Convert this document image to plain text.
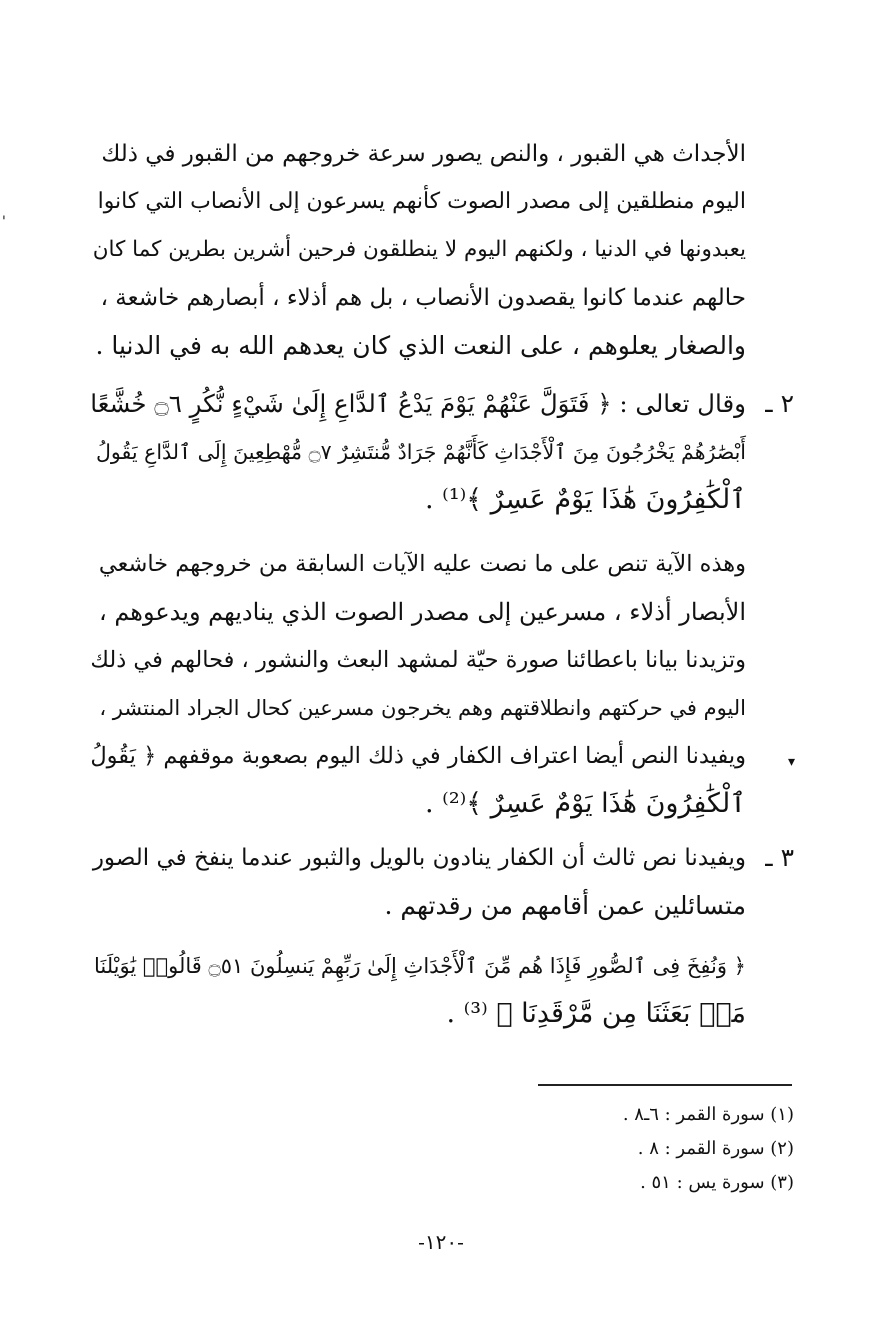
الأجداث هي القبور ، والنص يصور سرعة خروجهم من القبور في ذلك
اليوم منطلقين إلى مصدر الصوت كأنهم يسرعون إلى الأنصاب التي كانوا
يعبدونها في الدنيا ، ولكنهم اليوم لا ينطلقون فرحين أشرين بطرين كما كان
حالهم عندما كانوا يقصدون الأنصاب ، بل هم أذلاء ، أبصارهم خاشعة ،
والصغار يعلوهم ، على النعت الذي كان يعدهم الله به في الدنيا .
٢ ـ
وقال تعالى : ﴿ فَتَوَلَّ عَنْهُمْ يَوْمَ يَدْعُ ٱلدَّاعِ إِلَىٰ شَيْءٍ نُّكُرٍ ۝٦ خُشَّعًا
أَبْصَٰرُهُمْ يَخْرُجُونَ مِنَ ٱلْأَجْدَاثِ كَأَنَّهُمْ جَرَادٌ مُّنتَشِرٌ ۝٧ مُّهْطِعِينَ إِلَى ٱلدَّاعِ يَقُولُ
ٱلْكَٰفِرُونَ هَٰذَا يَوْمٌ عَسِرٌ ﴾⁽¹⁾ .
وهذه الآية تنص على ما نصت عليه الآيات السابقة من خروجهم خاشعي
الأبصار أذلاء ، مسرعين إلى مصدر الصوت الذي يناديهم ويدعوهم ،
وتزيدنا بيانا باعطائنا صورة حيّة لمشهد البعث والنشور ، فحالهم في ذلك
اليوم في حركتهم وانطلاقتهم وهم يخرجون مسرعين كحال الجراد المنتشر ،
ويفيدنا النص أيضا اعتراف الكفار في ذلك اليوم بصعوبة موقفهم ﴿ يَقُولُ
ٱلْكَٰفِرُونَ هَٰذَا يَوْمٌ عَسِرٌ ﴾⁽²⁾ .
٣ ـ
ويفيدنا نص ثالث أن الكفار ينادون بالويل والثبور عندما ينفخ في الصور
متسائلين عمن أقامهم من رقدتهم .
﴿ وَنُفِخَ فِى ٱلصُّورِ فَإِذَا هُم مِّنَ ٱلْأَجْدَاثِ إِلَىٰ رَبِّهِمْ يَنسِلُونَ ۝٥١ قَالُوا۟ يَٰوَيْلَنَا
مَنۢ بَعَثَنَا مِن مَّرْقَدِنَا ﴾ ⁽³⁾ .
(١) سورة القمر : ٦ـ٨ .
(٢) سورة القمر : ٨ .
(٣) سورة يس : ٥١ .
-١٢٠-
'
▾
